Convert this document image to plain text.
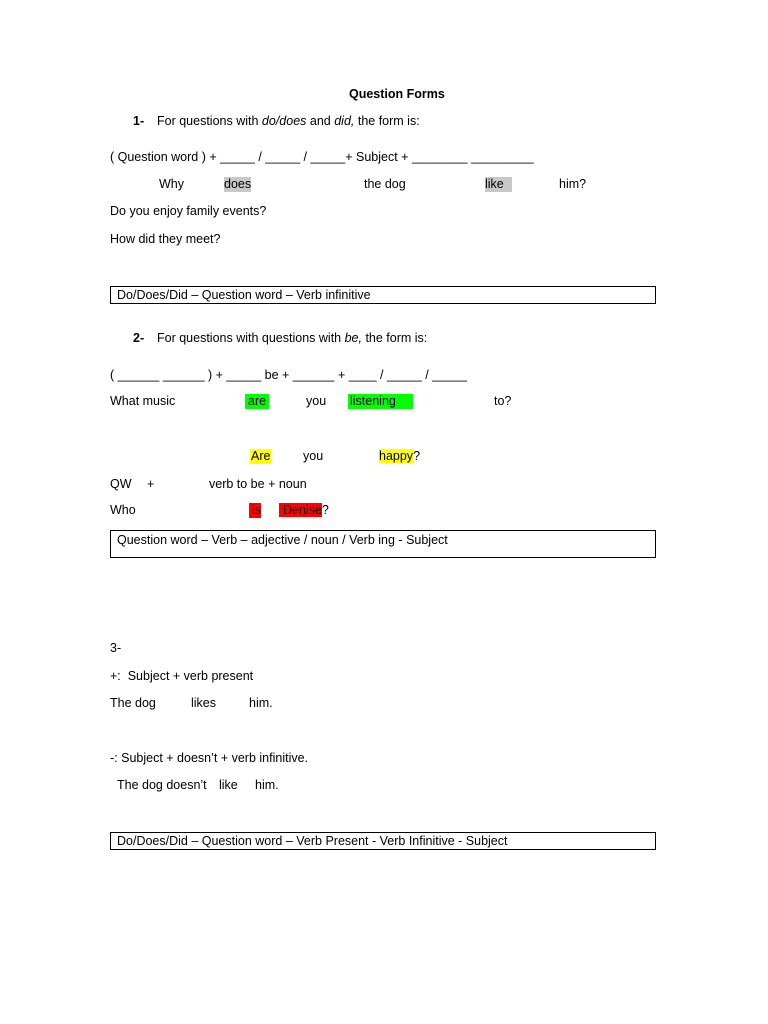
Question Forms
1- For questions with do/does and did, the form is:
( Question word ) + _____ / _____ / _____+ Subject + ________ _________
Why	does	the dog	like	him?
Do you enjoy family events?
How did they meet?
Do/Does/Did – Question word – Verb infinitive
2- For questions with questions with be, the form is:
( ______ ______ ) + _____ be + ______ + ____ / _____ / _____
What music	are	you listening	to?
Are	you	happy?
QW +	verb to be + noun
Who	is	Denise?
Question word – Verb – adjective / noun / Verb ing - Subject
3-
+:  Subject + verb present
The dog	likes	him.
-: Subject + doesn’t + verb infinitive.
The dog doesn’t like him.
Do/Does/Did – Question word – Verb Present - Verb Infinitive - Subject
